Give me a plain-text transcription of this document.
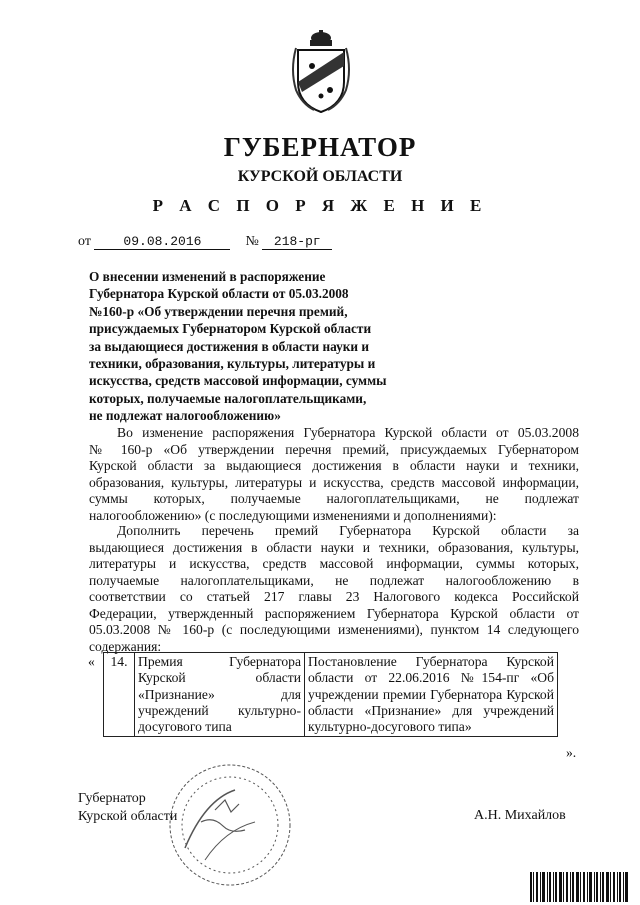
ГУБЕРНАТОР
КУРСКОЙ ОБЛАСТИ
Р А С П О Р Я Ж Е Н И Е
от 09.08.2016	№ 218-рг
О внесении изменений в распоряжение
Губернатора Курской области от 05.03.2008
№160-р «Об утверждении перечня премий,
присуждаемых Губернатором Курской области
за выдающиеся достижения в области науки и
техники, образования, культуры, литературы и
искусства, средств массовой информации, суммы
которых, получаемые налогоплательщиками,
не подлежат налогообложению»
Во изменение распоряжения Губернатора Курской области от 05.03.2008
№ 160-р «Об утверждении перечня премий, присуждаемых Губернатором
Курской области за выдающиеся достижения в области науки и техники,
образования, культуры, литературы и искусства, средств массовой информации,
суммы которых, получаемые налогоплательщиками, не подлежат
налогообложению» (с последующими изменениями и дополнениями):
Дополнить перечень премий Губернатора Курской области за
выдающиеся достижения в области науки и техники, образования, культуры,
литературы и искусства, средств массовой информации, суммы которых,
получаемые налогоплательщиками, не подлежат налогообложению в
соответствии со статьей 217 главы 23 Налогового кодекса Российской
Федерации, утвержденный распоряжением Губернатора Курской области от
05.03.2008 № 160-р (с последующими изменениями), пунктом 14 следующего
содержания:
« 14.	Премия Губернатора Курской области «Признание» для учреждений культурно-досугового типа	Постановление Губернатора Курской области от 22.06.2016 №154-пг «Об учреждении премии Губернатора Курской области «Признание» для учреждений культурно-досугового типа»
».
Губернатор
Курской области	А.Н. Михайлов
